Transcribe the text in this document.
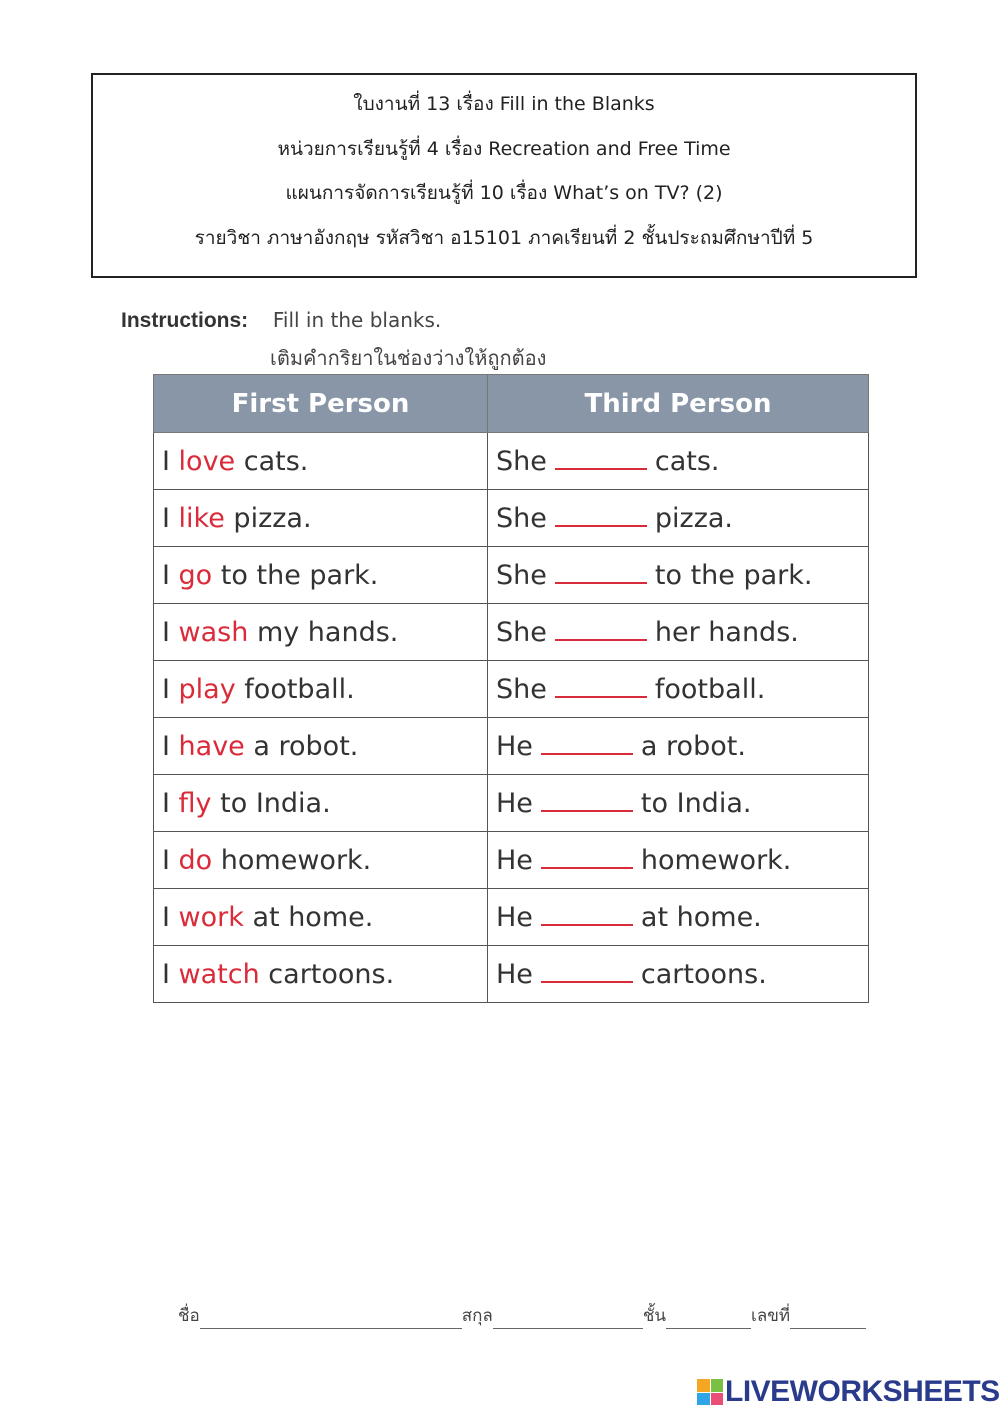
ใบงานที่ 13 เรื่อง Fill in the Blanks
หน่วยการเรียนรู้ที่ 4 เรื่อง Recreation and Free Time
แผนการจัดการเรียนรู้ที่ 10 เรื่อง What’s on TV? (2)
รายวิชา ภาษาอังกฤษ รหัสวิชา อ15101 ภาคเรียนที่ 2 ชั้นประถมศึกษาปีที่ 5
Instructions: Fill in the blanks.
เติมคำกริยาในช่องว่างให้ถูกต้อง
First Person	Third Person
I love cats.	She cats.
I like pizza.	She pizza.
I go to the park.	She to the park.
I wash my hands.	She her hands.
I play football.	She football.
I have a robot.	He a robot.
I fly to India.	He to India.
I do homework.	He homework.
I work at home.	He at home.
I watch cartoons.	He cartoons.
ชื่อ	สกุล	ชั้น	เลขที่
LIVEWORKSHEETS
